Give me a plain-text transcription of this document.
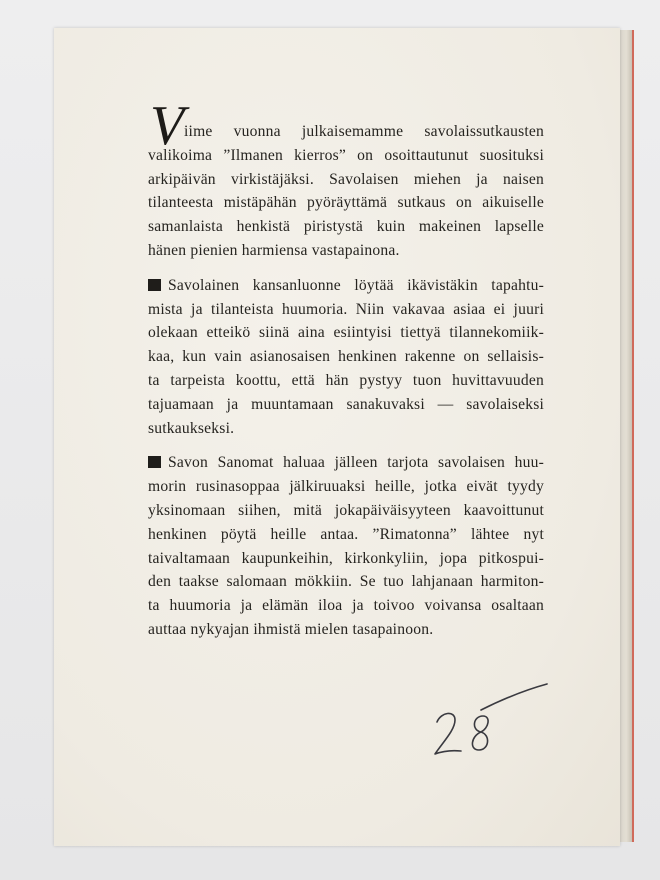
V iime vuonna julkaisemamme savolaissutkausten
valikoima ”Ilmanen kierros” on osoittautunut suosituksi
arkipäivän virkistäjäksi. Savolaisen miehen ja naisen
tilanteesta mistäpähän pyöräyttämä sutkaus on aikuiselle
samanlaista henkistä piristystä kuin makeinen lapselle
hänen pienien harmiensa vastapainona.
Savolainen kansanluonne löytää ikävistäkin tapahtu-
mista ja tilanteista huumoria. Niin vakavaa asiaa ei juuri
olekaan etteikö siinä aina esiintyisi tiettyä tilannekomiik-
kaa, kun vain asianosaisen henkinen rakenne on sellaisis-
ta tarpeista koottu, että hän pystyy tuon huvittavuuden
tajuamaan ja muuntamaan sanakuvaksi — savolaiseksi
sutkaukseksi.
Savon Sanomat haluaa jälleen tarjota savolaisen huu-
morin rusinasoppaa jälkiruuaksi heille, jotka eivät tyydy
yksinomaan siihen, mitä jokapäiväisyyteen kaavoittunut
henkinen pöytä heille antaa. ”Rimatonna” lähtee nyt
taivaltamaan kaupunkeihin, kirkonkyliin, jopa pitkospui-
den taakse salomaan mökkiin. Se tuo lahjanaan harmiton-
ta huumoria ja elämän iloa ja toivoo voivansa osaltaan
auttaa nykyajan ihmistä mielen tasapainoon.
